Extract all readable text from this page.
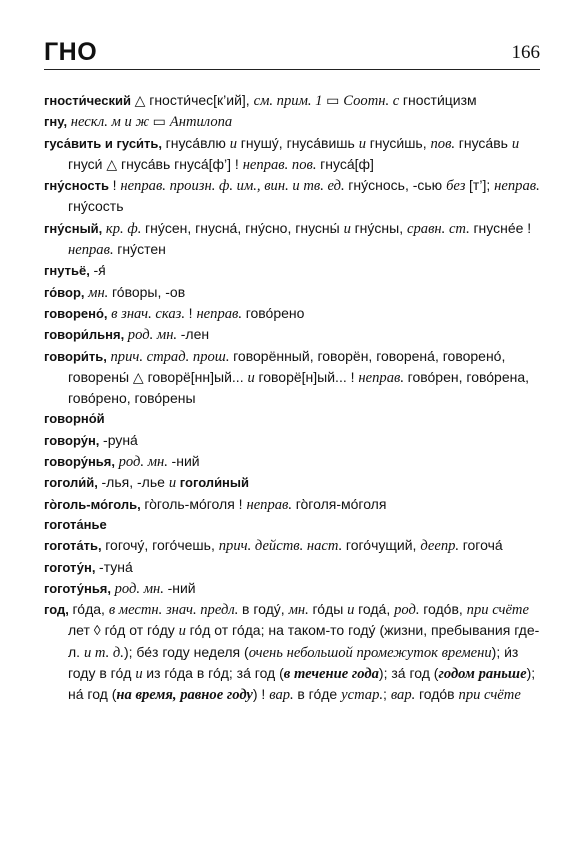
ГНО	166
гности́ческий △ гности́чес[к’ий], см. прим. 1 ▭ Соотн. с гности́цизм
гну, нескл. м и ж ▭ Антилопа
гуса́вить и гуси́ть, гнуса́влю и гнушу́, гнуса́вишь и гнуси́шь, пов. гнуса́вь и гнуси́ △ гнуса́вь гнуса́[ф’] ! неправ. пов. гнуса́[ф]
гну́сность ! неправ. произн. ф. им., вин. и тв. ед. гну́снось, -сью без [т’]; неправ. гну́сость
гну́сный, кр. ф. гну́сен, гнусна́, гну́сно, гнусны́ и гну́сны, сравн. ст. гнусне́е ! неправ. гну́стен
гнутьё, -я́
го́вор, мн. го́воры, -ов
говорено́, в знач. сказ. ! неправ. гово́рено
говори́льня, род. мн. -лен
говори́ть, прич. страд. прош. говорённый, говорён, говорена́, говорено́, говорены́ △ говорё[нн]ый... и говорё[н]ый... ! неправ. гово́рен, гово́рена, гово́рено, гово́рены
говорно́й
говору́н, -руна́
говору́нья, род. мн. -ний
гоголи́й, -лья, -лье и гоголи́ный
го̀голь-мо́голь, го̀голь-мо́голя ! неправ. го̀голя-мо́голя
гогота́нье
гогота́ть, гогочу́, гого́чешь, прич. действ. наст. гого́чущий, деепр. гогоча́
гоготу́н, -туна́
гоготу́нья, род. мн. -ний
год, го́да, в местн. знач. предл. в году́, мн. го́ды и года́, род. годо́в, при счёте лет ◊ го́д от го́ду и го́д от го́да; на таком-то году́ (жизни, пребывания где-л. и т. д.); бе́з году неделя (очень небольшой промежуток времени); и́з году в го́д и из го́да в го́д; за́ год (в течение года); за́ год (годом раньше); на́ год (на время, равное году) ! вар. в го́де устар.; вар. годо́в при счёте
